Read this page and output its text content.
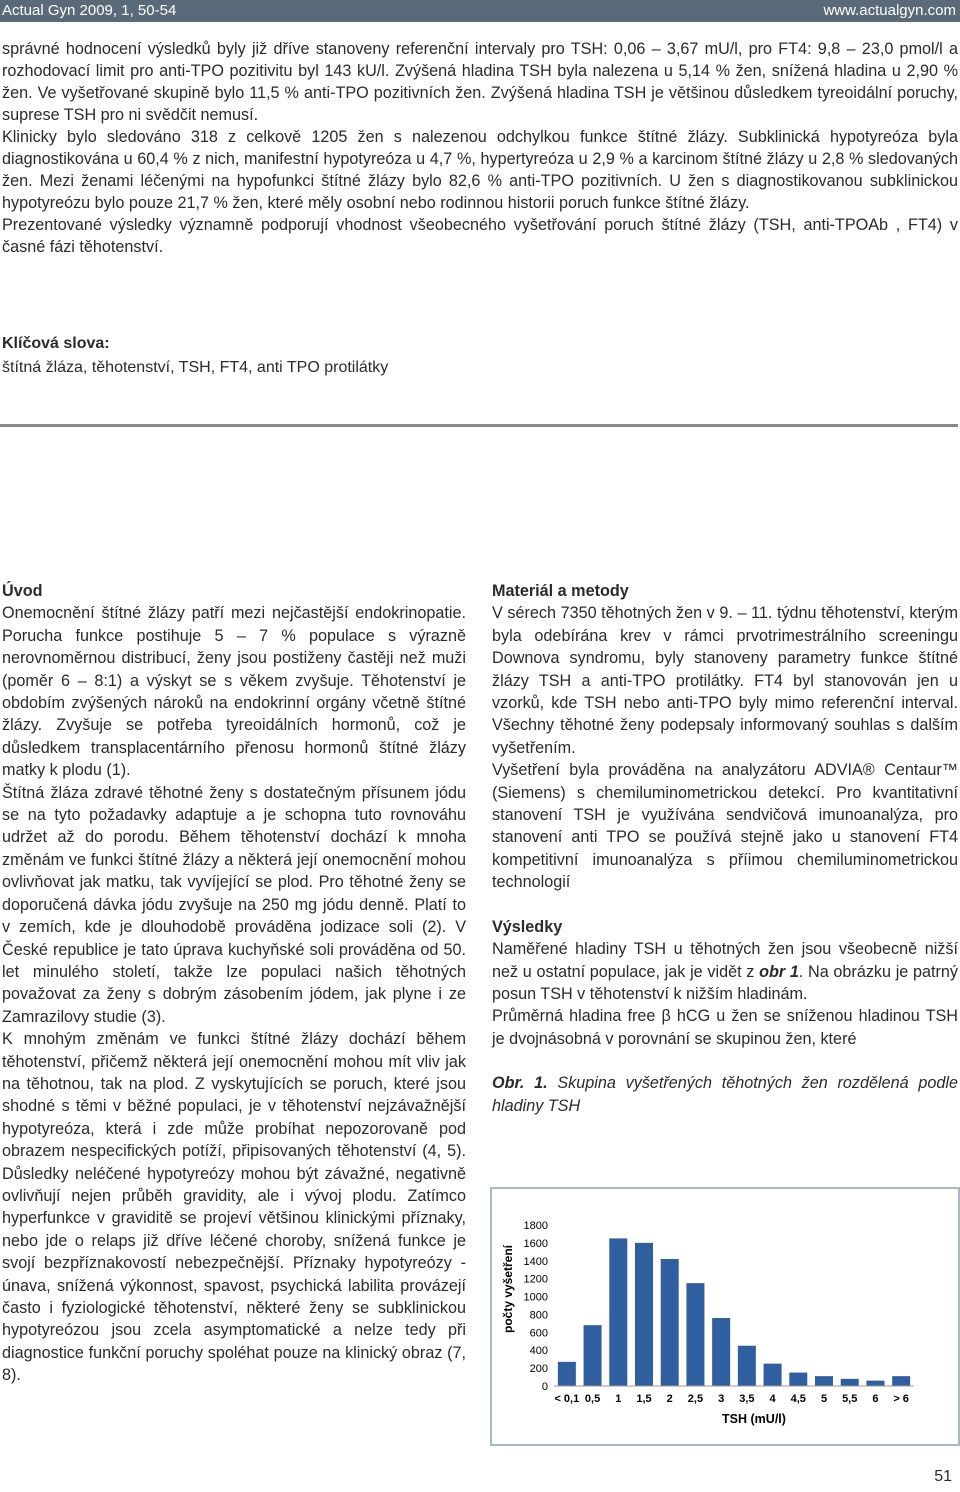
Actual Gyn 2009, 1, 50-54	www.actualgyn.com

správné hodnocení výsledků byly již dříve stanoveny referenční intervaly pro TSH: 0,06 – 3,67 mU/l, pro FT4: 9,8 – 23,0 pmol/l a rozhodovací limit pro anti-TPO pozitivitu byl 143 kU/l. Zvýšená hladina TSH byla nalezena u 5,14 % žen, snížená hladina u 2,90 % žen. Ve vyšetřované skupině bylo 11,5 % anti-TPO pozitivních žen. Zvýšená hladina TSH je většinou důsledkem tyreoidální poruchy, suprese TSH pro ni svědčit nemusí.

Klinicky bylo sledováno 318 z celkově 1205 žen s nalezenou odchylkou funkce štítné žlázy. Subklinická hypotyreóza byla diagnostikována u 60,4 % z nich, manifestní hypotyreóza u 4,7 %, hypertyreóza u 2,9 % a karcinom štítné žlázy u 2,8 % sledovaných žen. Mezi ženami léčenými na hypofunkci štítné žlázy bylo 82,6 % anti-TPO pozitivních. U žen s diagnostikovanou subklinickou hypotyreózu bylo pouze 21,7 % žen, které měly osobní nebo rodinnou historii poruch funkce štítné žlázy.

Prezentované výsledky významně podporují vhodnost všeobecného vyšetřování poruch štítné žlázy (TSH, anti-TPOAb , FT4) v časné fázi těhotenství.

Klíčová slova:
štítná žláza, těhotenství, TSH, FT4, anti TPO protilátky
Úvod

Onemocnění štítné žlázy patří mezi nejčastější endokrinopatie. Porucha funkce postihuje 5 – 7 % populace s výrazně nerovnoměrnou distribucí, ženy jsou postiženy častěji než muži (poměr 6 – 8:1) a výskyt se s věkem zvyšuje. Těhotenství je obdobím zvýšených nároků na endokrinní orgány včetně štítné žlázy. Zvyšuje se potřeba tyreoidálních hormonů, což je důsledkem transplacentárního přenosu hormonů štítné žlázy matky k plodu (1).

Štítná žláza zdravé těhotné ženy s dostatečným přísunem jódu se na tyto požadavky adaptuje a je schopna tuto rovnováhu udržet až do porodu. Během těhotenství dochází k mnoha změnám ve funkci štítné žlázy a některá její onemocnění mohou ovlivňovat jak matku, tak vyvíjející se plod. Pro těhotné ženy se doporučená dávka jódu zvyšuje na 250 mg jódu denně. Platí to v zemích, kde je dlouhodobě prováděna jodizace soli (2). V České republice je tato úprava kuchyňské soli prováděna od 50. let minulého století, takže lze populaci našich těhotných považovat za ženy s dobrým zásobením jódem, jak plyne i ze Zamrazilovy studie (3).

K mnohým změnám ve funkci štítné žlázy dochází během těhotenství, přičemž některá její onemocnění mohou mít vliv jak na těhotnou, tak na plod. Z vyskytujících se poruch, které jsou shodné s těmi v běžné populaci, je v těhotenství nejzávažnější hypotyreóza, která i zde může probíhat nepozorovaně pod obrazem nespecifických potíží, připisovaných těhotenství (4, 5). Důsledky neléčené hypotyreózy mohou být závažné, negativně ovlivňují nejen průběh gravidity, ale i vývoj plodu. Zatímco hyperfunkce v graviditě se projeví většinou klinickými příznaky, nebo jde o relaps již dříve léčené choroby, snížená funkce je svojí bezpříznakovostí nebezpečnější. Příznaky hypotyreózy - únava, snížená výkonnost, spavost, psychická labilita provázejí často i fyziologické těhotenství, některé ženy se subklinickou hypotyreózou jsou zcela asymptomatické a nelze tedy při diagnostice funkční poruchy spoléhat pouze na klinický obraz (7, 8).

Materiál a metody

V sérech 7350 těhotných žen v 9. – 11. týdnu těhotenství, kterým byla odebírána krev v rámci prvotrimestrálního screeningu Downova syndromu, byly stanoveny parametry funkce štítné žlázy TSH a anti-TPO protilátky. FT4 byl stanovován jen u vzorků, kde TSH nebo anti-TPO byly mimo referenční interval. Všechny těhotné ženy podepsaly informovaný souhlas s dalším vyšetřením.

Vyšetření byla prováděna na analyzátoru ADVIA® Centaur™ (Siemens) s chemiluminometrickou detekcí. Pro kvantitativní stanovení TSH je využívána sendvičová imunoanalýza, pro stanovení anti TPO se používá stejně jako u stanovení FT4 kompetitivní imunoanalýza s příimou chemiluminometrickou technologií

Výsledky

Naměřené hladiny TSH u těhotných žen jsou všeobecně nižší než u ostatní populace, jak je vidět z obr 1. Na obrázku je patrný posun TSH v těhotenství k nižším hladinám.

Průměrná hladina free β hCG u žen se sníženou hladinou TSH je dvojnásobná v porovnání se skupinou žen, které

Obr. 1. Skupina vyšetřených těhotných žen rozdělená podle hladiny TSH

počty vyšetření
TSH (mU/l)
0
200
400
600
800
1000
1200
1400
1600
1800
< 0,1 0,5 1 1,5 2 2,5 3 3,5 4 4,5 5 5,5 6 > 6
51
